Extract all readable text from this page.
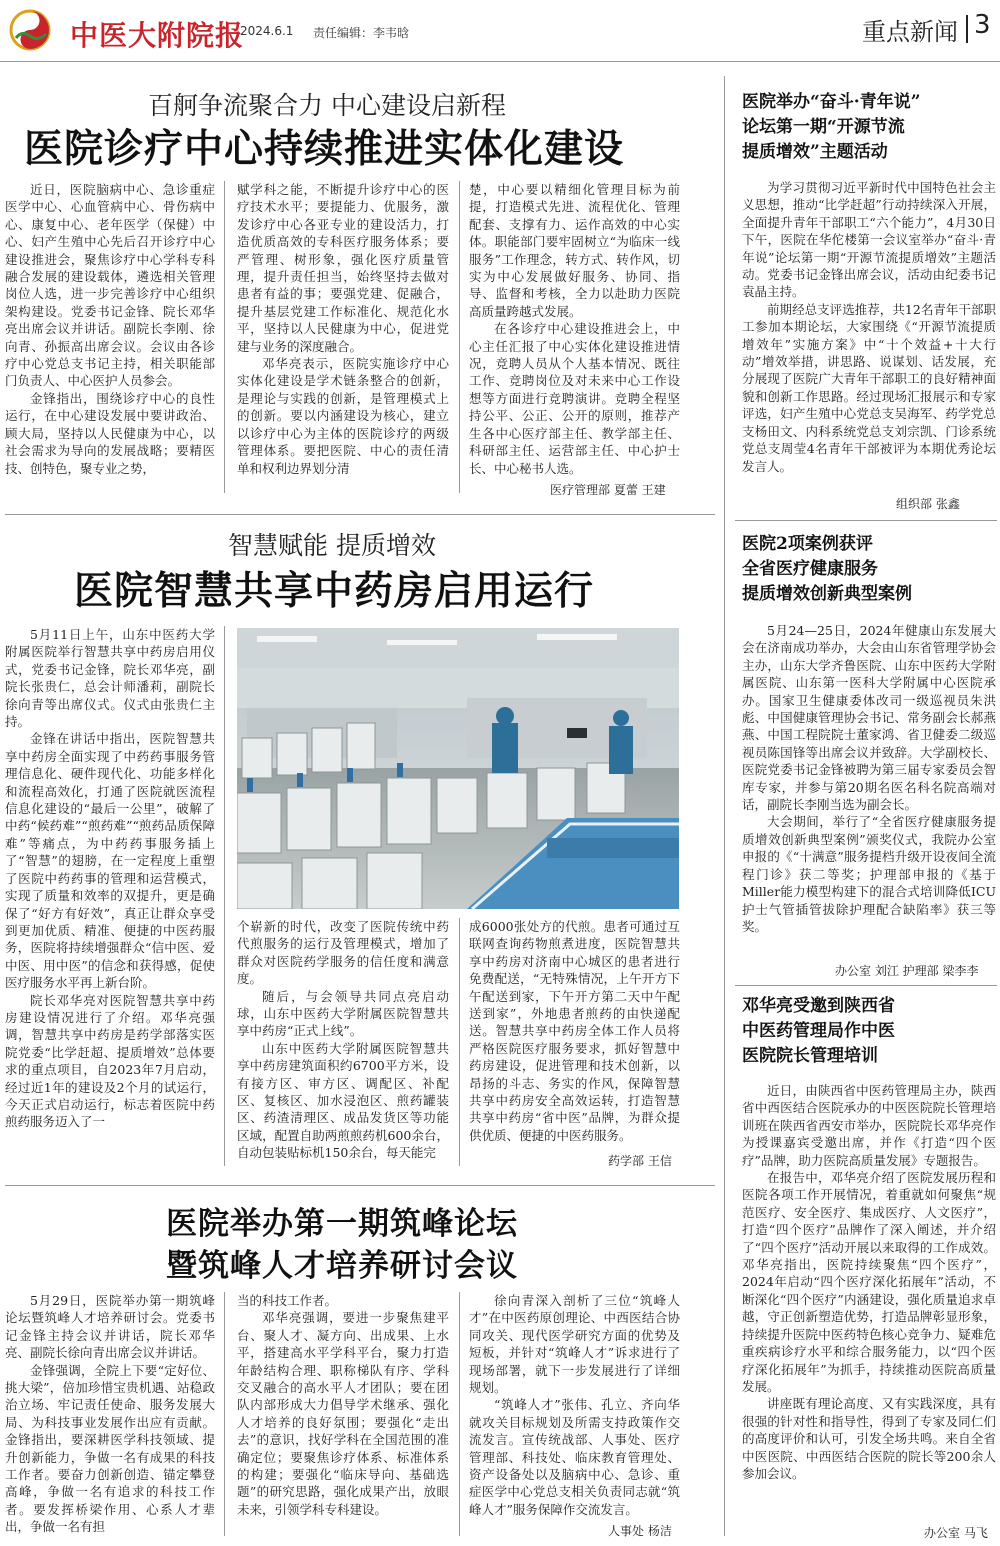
中医大附院报
2024.6.1 责任编辑：李韦晗	重点新闻 3
百舸争流聚合力 中心建设启新程
医院诊疗中心持续推进实体化建设

近日，医院脑病中心、急诊重症医学中心、心血管病中心、骨伤病中心、康复中心、老年医学（保健）中心、妇产生殖中心先后召开诊疗中心建设推进会，聚焦诊疗中心学科专科融合发展的建设载体，遴选相关管理岗位人选，进一步完善诊疗中心组织架构建设。党委书记金锋、院长邓华亮出席会议并讲话。副院长李刚、徐向青、孙振高出席会议。会议由各诊疗中心党总支书记主持，相关职能部门负责人、中心医护人员参会。

金锋指出，围绕诊疗中心的良性运行，在中心建设发展中要讲政治、顾大局，坚持以人民健康为中心，以社会需求为导向的发展战略；要精医技、创特色，聚专业之势，

赋学科之能，不断提升诊疗中心的医疗技术水平；要提能力、优服务，激发诊疗中心各亚专业的建设活力，打造优质高效的专科医疗服务体系；要严管理、树形象，强化医疗质量管理，提升责任担当，始终坚持去做对患者有益的事；要强党建、促融合，提升基层党建工作标准化、规范化水平，坚持以人民健康为中心，促进党建与业务的深度融合。

邓华亮表示，医院实施诊疗中心实体化建设是学术链条整合的创新，是理论与实践的创新，是管理模式上的创新。要以内涵建设为核心，建立以诊疗中心为主体的医院诊疗的两级管理体系。要把医院、中心的责任清单和权利边界划分清

楚，中心要以精细化管理目标为前提，打造模式先进、流程优化、管理配套、支撑有力、运作高效的中心实体。职能部门要牢固树立“为临床一线服务”工作理念，转方式、转作风，切实为中心发展做好服务、协同、指导、监督和考核，全力以赴助力医院高质量跨越式发展。

在各诊疗中心建设推进会上，中心主任汇报了中心实体化建设推进情况，竞聘人员从个人基本情况、既往工作、竞聘岗位及对未来中心工作设想等方面进行竞聘演讲。竞聘全程坚持公平、公正、公开的原则，推荐产生各中心医疗部主任、教学部主任、科研部主任、运营部主任、中心护士长、中心秘书人选。

医疗管理部 夏蕾 王建
智慧赋能 提质增效
医院智慧共享中药房启用运行

5月11日上午，山东中医药大学附属医院举行智慧共享中药房启用仪式，党委书记金锋，院长邓华亮，副院长张贵仁，总会计师潘莉，副院长徐向青等出席仪式。仪式由张贵仁主持。

金锋在讲话中指出，医院智慧共享中药房全面实现了中药药事服务管理信息化、硬件现代化、功能多样化和流程高效化，打通了医院就医流程信息化建设的“最后一公里”，破解了中药“候药难”“煎药难”“煎药品质保障难”等痛点，为中药药事服务插上了“智慧”的翅膀，在一定程度上重塑了医院中药药事的管理和运营模式，实现了质量和效率的双提升，更是确保了“好方有好效”，真正让群众享受到更加优质、精准、便捷的中医药服务，医院将持续增强群众“信中医、爱中医、用中医”的信念和获得感，促使医疗服务水平再上新台阶。

院长邓华亮对医院智慧共享中药房建设情况进行了介绍。邓华亮强调，智慧共享中药房是药学部落实医院党委“比学赶超、提质增效”总体要求的重点项目，自2023年7月启动，经过近1年的建设及2个月的试运行，今天正式启动运行，标志着医院中药煎药服务迈入了一

个崭新的时代，改变了医院传统中药代煎服务的运行及管理模式，增加了群众对医院药学服务的信任度和满意度。

随后，与会领导共同点亮启动球，山东中医药大学附属医院智慧共享中药房“正式上线”。

山东中医药大学附属医院智慧共享中药房建筑面积约6700平方米，设有接方区、审方区、调配区、补配区、复核区、加水浸泡区、煎药罐装区、药渣清理区、成品发货区等功能区域，配置自助两煎煎药机600余台，自动包装贴标机150余台，每天能完

成6000张处方的代煎。患者可通过互联网查询药物煎煮进度，医院智慧共享中药房对济南中心城区的患者进行免费配送，“无特殊情况，上午开方下午配送到家，下午开方第二天中午配送到家”，外地患者煎药的由快递配送。智慧共享中药房全体工作人员将严格医院医疗服务要求，抓好智慧中药房建设，促进管理和技术创新，以昂扬的斗志、务实的作风，保障智慧共享中药房安全高效运转，打造智慧共享中药房“省中医”品牌，为群众提供优质、便捷的中医药服务。

药学部 王信
医院举办第一期筑峰论坛
暨筑峰人才培养研讨会议

5月29日，医院举办第一期筑峰论坛暨筑峰人才培养研讨会。党委书记金锋主持会议并讲话，院长邓华亮、副院长徐向青出席会议并讲话。

金锋强调，全院上下要“定好位、挑大梁”，倍加珍惜宝贵机遇、站稳政治立场、牢记责任使命、服务发展大局、为科技事业发展作出应有贡献。金锋指出，要深耕医学科技领域、提升创新能力，争做一名有成果的科技工作者。要奋力创新创造、锚定攀登高峰，争做一名有追求的科技工作者。要发挥桥梁作用、心系人才辈出，争做一名有担

当的科技工作者。

邓华亮强调，要进一步聚焦建平台、聚人才、凝方向、出成果、上水平，搭建高水平学科平台，聚力打造年龄结构合理、职称梯队有序、学科交叉融合的高水平人才团队；要在团队内部形成大力倡导学术继承、强化人才培养的良好氛围；要强化“走出去”的意识，找好学科在全国范围的准确定位；要聚焦诊疗体系、标准体系的构建；要强化“临床导向、基础选题”的研究思路，强化成果产出，放眼未来，引领学科专科建设。

徐向青深入剖析了三位“筑峰人才”在中医药原创理论、中西医结合协同攻关、现代医学研究方面的优势及短板，并针对“筑峰人才”诉求进行了现场部署，就下一步发展进行了详细规划。

“筑峰人才”张伟、孔立、齐向华就攻关目标规划及所需支持政策作交流发言。宣传统战部、人事处、医疗管理部、科技处、临床教育管理处、资产设备处以及脑病中心、急诊、重症医学中心党总支相关负责同志就“筑峰人才”服务保障作交流发言。

人事处 杨洁
医院举办“奋斗·青年说”
论坛第一期“开源节流
提质增效”主题活动

为学习贯彻习近平新时代中国特色社会主义思想，推动“比学赶超”行动持续深入开展，全面提升青年干部职工“六个能力”，4月30日下午，医院在华佗楼第一会议室举办“奋斗·青年说”论坛第一期“开源节流提质增效”主题活动。党委书记金锋出席会议，活动由纪委书记袁晶主持。

前期经总支评选推荐，共12名青年干部职工参加本期论坛，大家围绕《“开源节流提质增效年”实施方案》中“十个效益+十大行动”增效举措，讲思路、说谋划、话发展，充分展现了医院广大青年干部职工的良好精神面貌和创新工作思路。经过现场汇报展示和专家评选，妇产生殖中心党总支吴海军、药学党总支杨田文、内科系统党总支刘宗凯、门诊系统党总支周莹4名青年干部被评为本期优秀论坛发言人。

组织部 张鑫
医院2项案例获评
全省医疗健康服务
提质增效创新典型案例

5月24—25日，2024年健康山东发展大会在济南成功举办，大会由山东省管理学协会主办，山东大学齐鲁医院、山东中医药大学附属医院、山东第一医科大学附属中心医院承办。国家卫生健康委体改司一级巡视员朱洪彪、中国健康管理协会书记、常务副会长郝燕燕、中国工程院院士董家鸿、省卫健委二级巡视员陈国锋等出席会议并致辞。大学副校长、医院党委书记金锋被聘为第三届专家委员会智库专家，并参与第20期名医名科名院高端对话，副院长李刚当选为副会长。

大会期间，举行了“全省医疗健康服务提质增效创新典型案例”颁奖仪式，我院办公室申报的《“十满意”服务提档升级开设夜间全流程门诊》获二等奖；护理部申报的《基于Miller能力模型构建下的混合式培训降低ICU护士气管插管拔除护理配合缺陷率》获三等奖。

办公室 刘江 护理部 梁李李
邓华亮受邀到陕西省
中医药管理局作中医
医院院长管理培训

近日，由陕西省中医药管理局主办，陕西省中西医结合医院承办的中医医院院长管理培训班在陕西省西安市举办，医院院长邓华亮作为授课嘉宾受邀出席，并作《打造“四个医疗”品牌，助力医院高质量发展》专题报告。

在报告中，邓华亮介绍了医院发展历程和医院各项工作开展情况，着重就如何聚焦“规范医疗、安全医疗、集成医疗、人文医疗”，打造“四个医疗”品牌作了深入阐述，并介绍了“四个医疗”活动开展以来取得的工作成效。邓华亮指出，医院持续聚焦“四个医疗”，2024年启动“四个医疗深化拓展年”活动，不断深化“四个医疗”内涵建设，强化质量追求卓越，守正创新塑造优势，打造品牌彰显形象，持续提升医院中医药特色核心竞争力、疑难危重疾病诊疗水平和综合服务能力，以“四个医疗深化拓展年”为抓手，持续推动医院高质量发展。

讲座既有理论高度、又有实践深度，具有很强的针对性和指导性，得到了专家及同仁们的高度评价和认可，引发全场共鸣。来自全省中医医院、中西医结合医院的院长等200余人参加会议。

办公室 马飞
